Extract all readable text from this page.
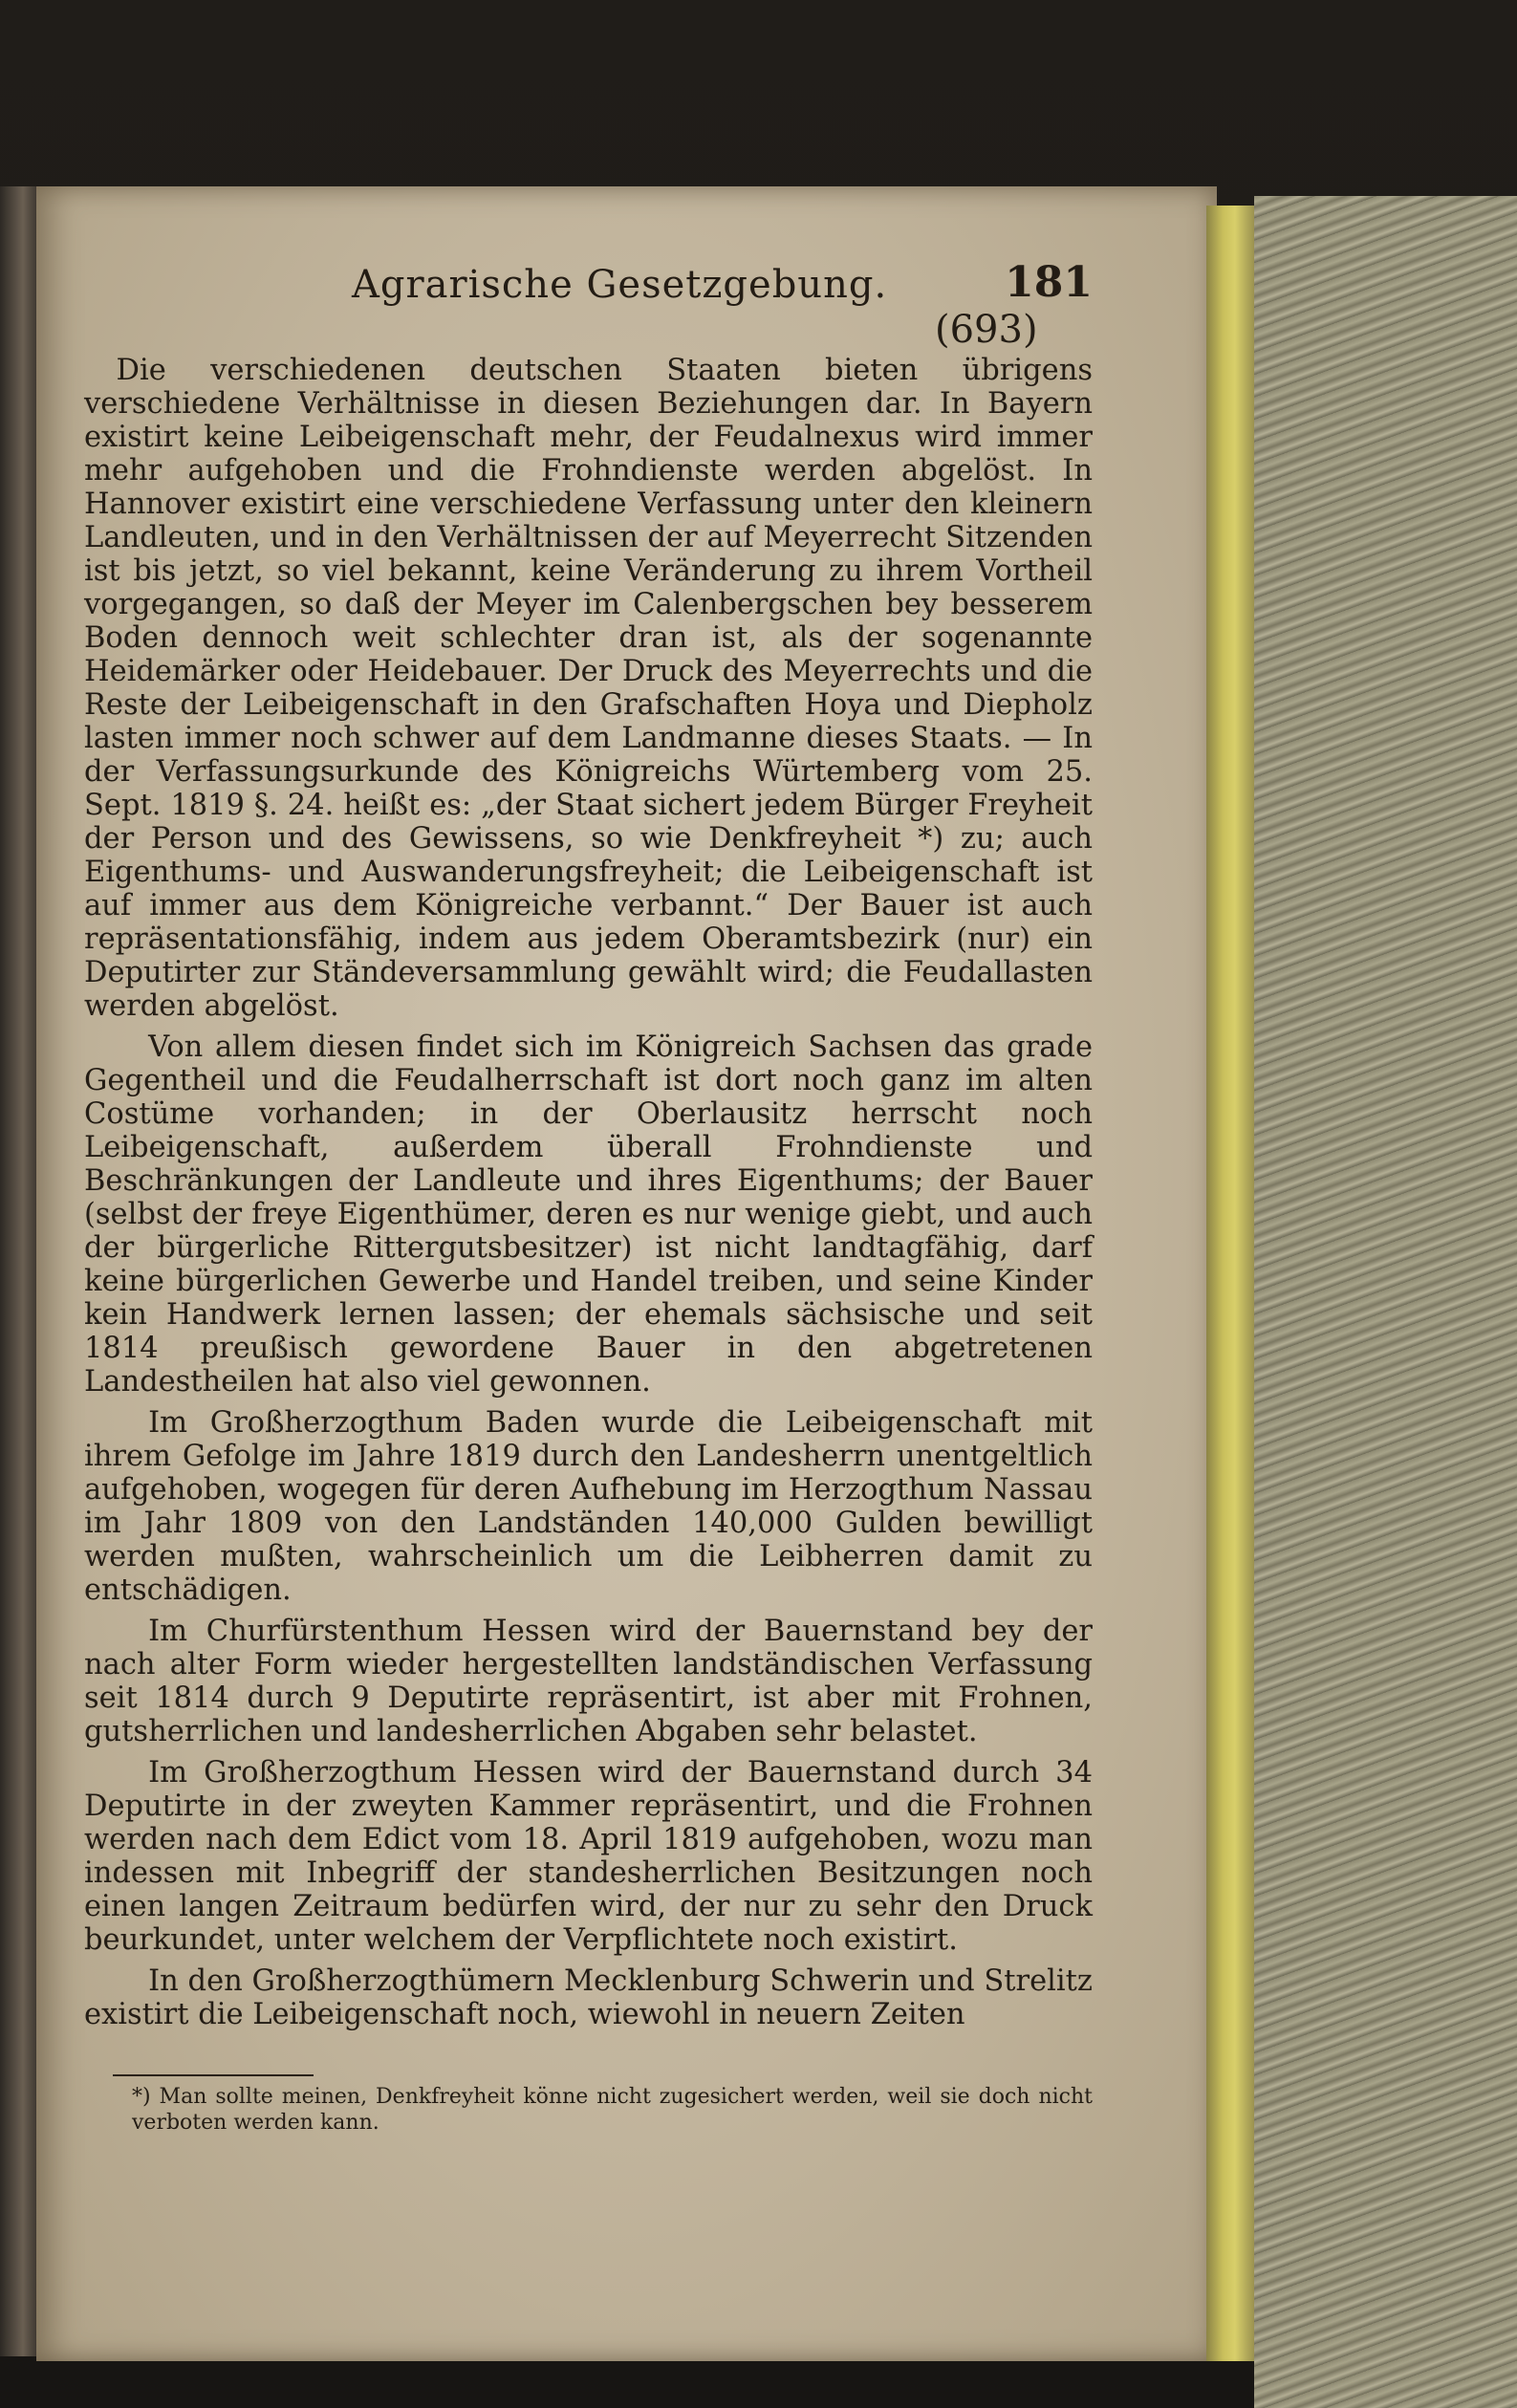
Agrarische Gesetzgebung.	181
(693)

Die verschiedenen deutschen Staaten bieten übrigens verschiedene Verhältnisse in diesen Beziehungen dar. In Bayern existirt keine Leibeigenschaft mehr, der Feudalnexus wird immer mehr aufgehoben und die Frohndienste werden abgelöst. In Hannover existirt eine verschiedene Verfassung unter den kleinern Landleuten, und in den Verhältnissen der auf Meyerrecht Sitzenden ist bis jetzt, so viel bekannt, keine Veränderung zu ihrem Vortheil vorgegangen, so daß der Meyer im Calenbergschen bey besserem Boden dennoch weit schlechter dran ist, als der sogenannte Heidemärker oder Heidebauer. Der Druck des Meyerrechts und die Reste der Leibeigenschaft in den Grafschaften Hoya und Diepholz lasten immer noch schwer auf dem Landmanne dieses Staats. — In der Verfassungsurkunde des Königreichs Würtemberg vom 25. Sept. 1819 §. 24. heißt es: „der Staat sichert jedem Bürger Freyheit der Person und des Gewissens, so wie Denkfreyheit *) zu; auch Eigenthums- und Auswanderungsfreyheit; die Leibeigenschaft ist auf immer aus dem Königreiche verbannt.“ Der Bauer ist auch repräsentationsfähig, indem aus jedem Oberamtsbezirk (nur) ein Deputirter zur Ständeversammlung gewählt wird; die Feudallasten werden abgelöst.

Von allem diesen findet sich im Königreich Sachsen das grade Gegentheil und die Feudalherrschaft ist dort noch ganz im alten Costüme vorhanden; in der Oberlausitz herrscht noch Leibeigenschaft, außerdem überall Frohndienste und Beschränkungen der Landleute und ihres Eigenthums; der Bauer (selbst der freye Eigenthümer, deren es nur wenige giebt, und auch der bürgerliche Rittergutsbesitzer) ist nicht landtagfähig, darf keine bürgerlichen Gewerbe und Handel treiben, und seine Kinder kein Handwerk lernen lassen; der ehemals sächsische und seit 1814 preußisch gewordene Bauer in den abgetretenen Landestheilen hat also viel gewonnen.

Im Großherzogthum Baden wurde die Leibeigenschaft mit ihrem Gefolge im Jahre 1819 durch den Landesherrn unentgeltlich aufgehoben, wogegen für deren Aufhebung im Herzogthum Nassau im Jahr 1809 von den Landständen 140,000 Gulden bewilligt werden mußten, wahrscheinlich um die Leibherren damit zu entschädigen.

Im Churfürstenthum Hessen wird der Bauernstand bey der nach alter Form wieder hergestellten landständischen Verfassung seit 1814 durch 9 Deputirte repräsentirt, ist aber mit Frohnen, gutsherrlichen und landesherrlichen Abgaben sehr belastet.

Im Großherzogthum Hessen wird der Bauernstand durch 34 Deputirte in der zweyten Kammer repräsentirt, und die Frohnen werden nach dem Edict vom 18. April 1819 aufgehoben, wozu man indessen mit Inbegriff der standesherrlichen Besitzungen noch einen langen Zeitraum bedürfen wird, der nur zu sehr den Druck beurkundet, unter welchem der Verpflichtete noch existirt.

In den Großherzogthümern Mecklenburg Schwerin und Strelitz existirt die Leibeigenschaft noch, wiewohl in neuern Zeiten

*) Man sollte meinen, Denkfreyheit könne nicht zugesichert werden, weil sie doch nicht verboten werden kann.
